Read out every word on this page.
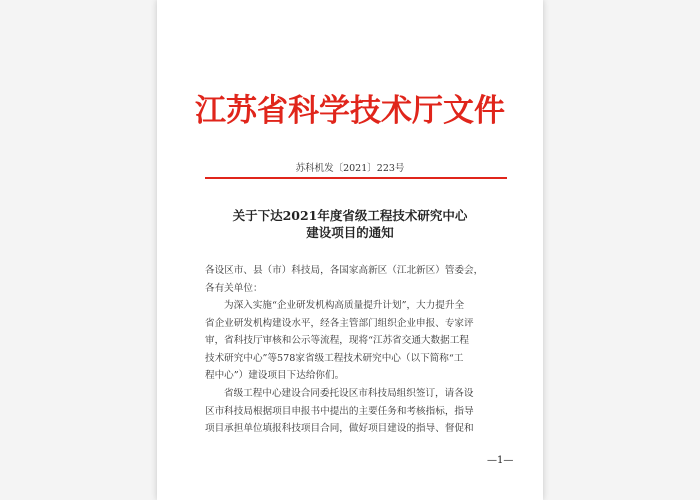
江苏省科学技术厅文件
苏科机发〔2021〕223号
关于下达2021年度省级工程技术研究中心
建设项目的通知
各设区市、县（市）科技局，各国家高新区（江北新区）管委会，
各有关单位：
为深入实施“企业研发机构高质量提升计划”，大力提升全
省企业研发机构建设水平，经各主管部门组织企业申报、专家评
审，省科技厅审核和公示等流程，现将“江苏省交通大数据工程
技术研究中心”等578家省级工程技术研究中心（以下简称“工
程中心”）建设项目下达给你们。
省级工程中心建设合同委托设区市科技局组织签订，请各设
区市科技局根据项目申报书中提出的主要任务和考核指标，指导
项目承担单位填报科技项目合同，做好项目建设的指导、督促和
—1—
